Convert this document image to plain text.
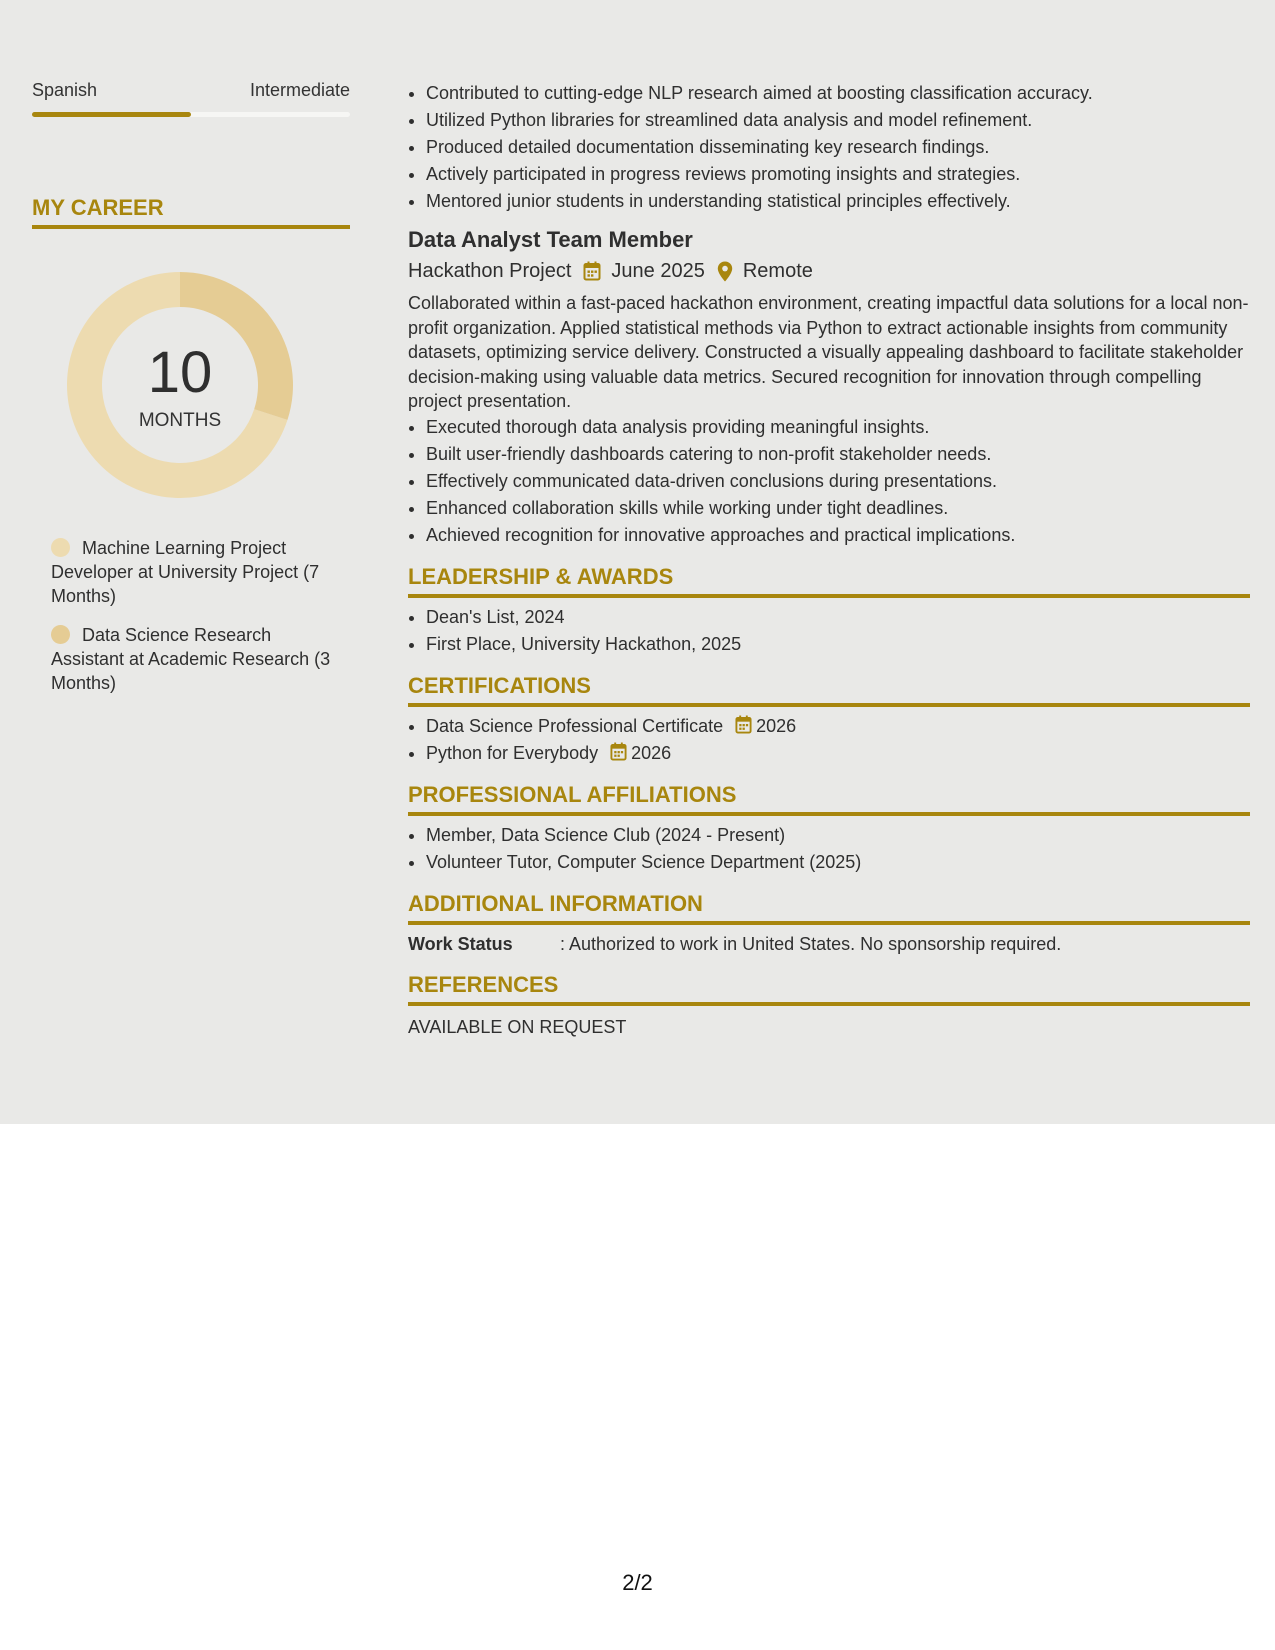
Spanish	Intermediate
MY CAREER
10
MONTHS
Machine Learning Project Developer at University Project (7 Months)
Data Science Research Assistant at Academic Research (3 Months)
• Contributed to cutting-edge NLP research aimed at boosting classification accuracy.
• Utilized Python libraries for streamlined data analysis and model refinement.
• Produced detailed documentation disseminating key research findings.
• Actively participated in progress reviews promoting insights and strategies.
• Mentored junior students in understanding statistical principles effectively.
Data Analyst Team Member
Hackathon Project June 2025 Remote
Collaborated within a fast-paced hackathon environment, creating impactful data solutions for a local non-profit organization. Applied statistical methods via Python to extract actionable insights from community datasets, optimizing service delivery. Constructed a visually appealing dashboard to facilitate stakeholder decision-making using valuable data metrics. Secured recognition for innovation through compelling project presentation.
• Executed thorough data analysis providing meaningful insights.
• Built user-friendly dashboards catering to non-profit stakeholder needs.
• Effectively communicated data-driven conclusions during presentations.
• Enhanced collaboration skills while working under tight deadlines.
• Achieved recognition for innovative approaches and practical implications.
LEADERSHIP & AWARDS
• Dean's List, 2024
• First Place, University Hackathon, 2025
CERTIFICATIONS
• Data Science Professional Certificate 2026
• Python for Everybody 2026
PROFESSIONAL AFFILIATIONS
• Member, Data Science Club (2024 - Present)
• Volunteer Tutor, Computer Science Department (2025)
ADDITIONAL INFORMATION
Work Status	: Authorized to work in United States. No sponsorship required.
REFERENCES
AVAILABLE ON REQUEST
2/2
